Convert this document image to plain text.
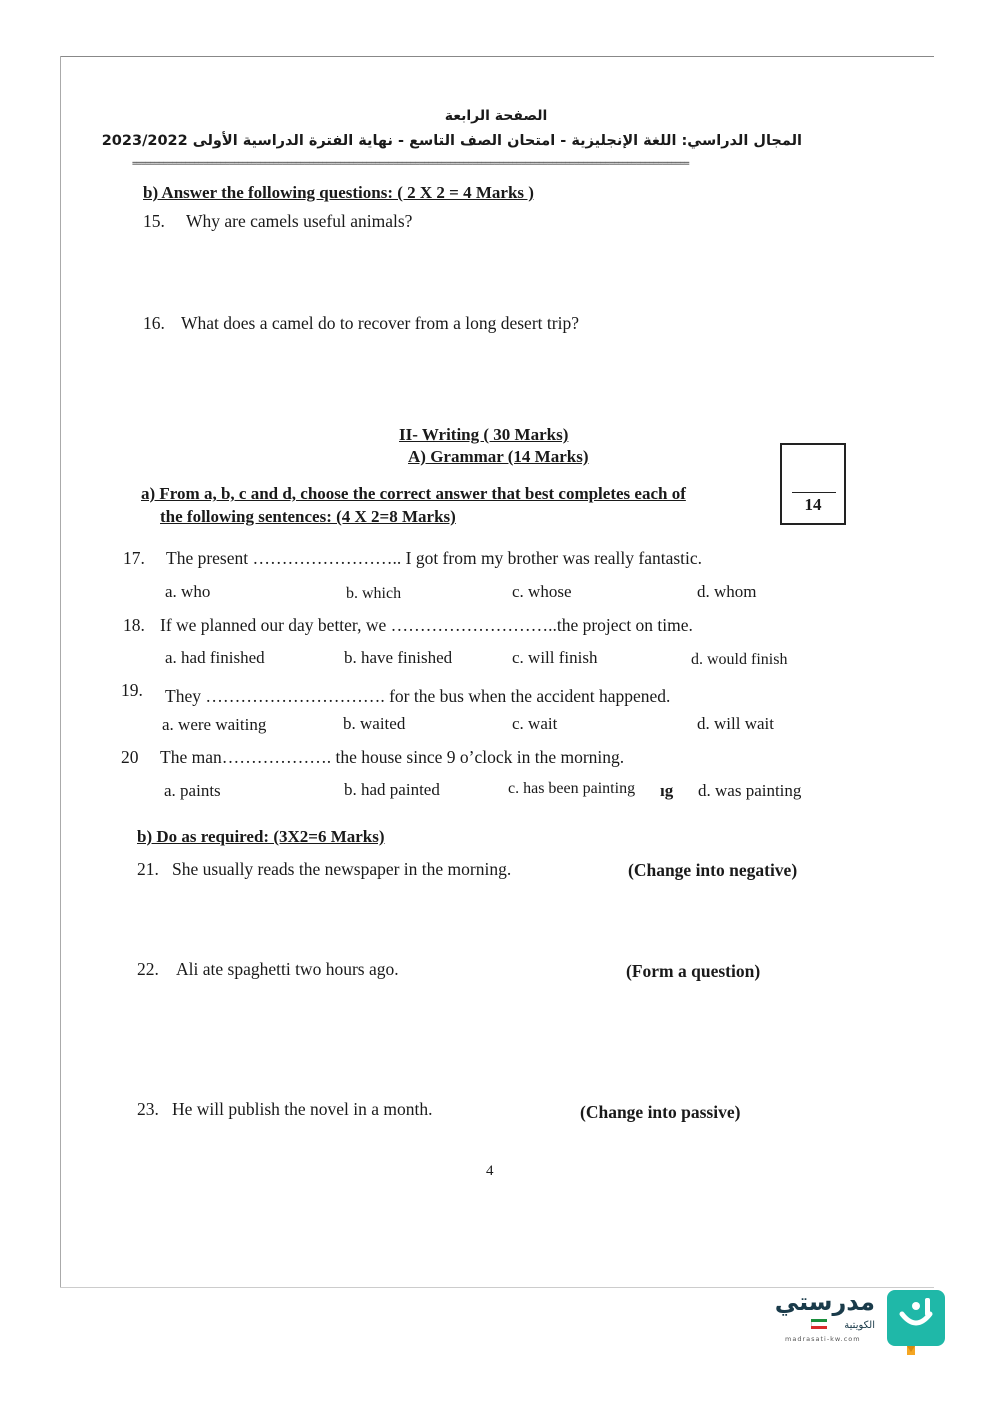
الصفحة الرابعة
المجال الدراسي: اللغة الإنجليزية - امتحان الصف التاسع - نهاية الفترة الدراسية الأولى 2023/2022
==============================================================================================================================
b) Answer the following questions: ( 2 X 2 = 4 Marks )
15. Why are camels useful animals?
16. What does a camel do to recover from a long desert trip?
II- Writing ( 30 Marks)
A) Grammar (14 Marks)
14
a) From a, b, c and d, choose the correct answer that best completes each of
the following sentences: (4 X 2=8 Marks)
17. The present …………………….. I got from my brother was really fantastic.
a. who	b. which	c. whose	d. whom
18. If we planned our day better, we ………………………..the project on time.
a. had finished	b. have finished	c. will finish	d. would finish
19. They …………………………. for the bus when the accident happened.
a. were waiting	b. waited	c. wait	d. will wait
20 The man………………. the house since 9 o’clock in the morning.
a. paints	b. had painted	c. has been painting ıg d. was painting
b) Do as required: (3X2=6 Marks)
21. She usually reads the newspaper in the morning.	(Change into negative)
22. Ali ate spaghetti two hours ago.	(Form a question)
23. He will publish the novel in a month.	(Change into passive)
4
مدرستي
الكويتية
madrasati-kw.com
